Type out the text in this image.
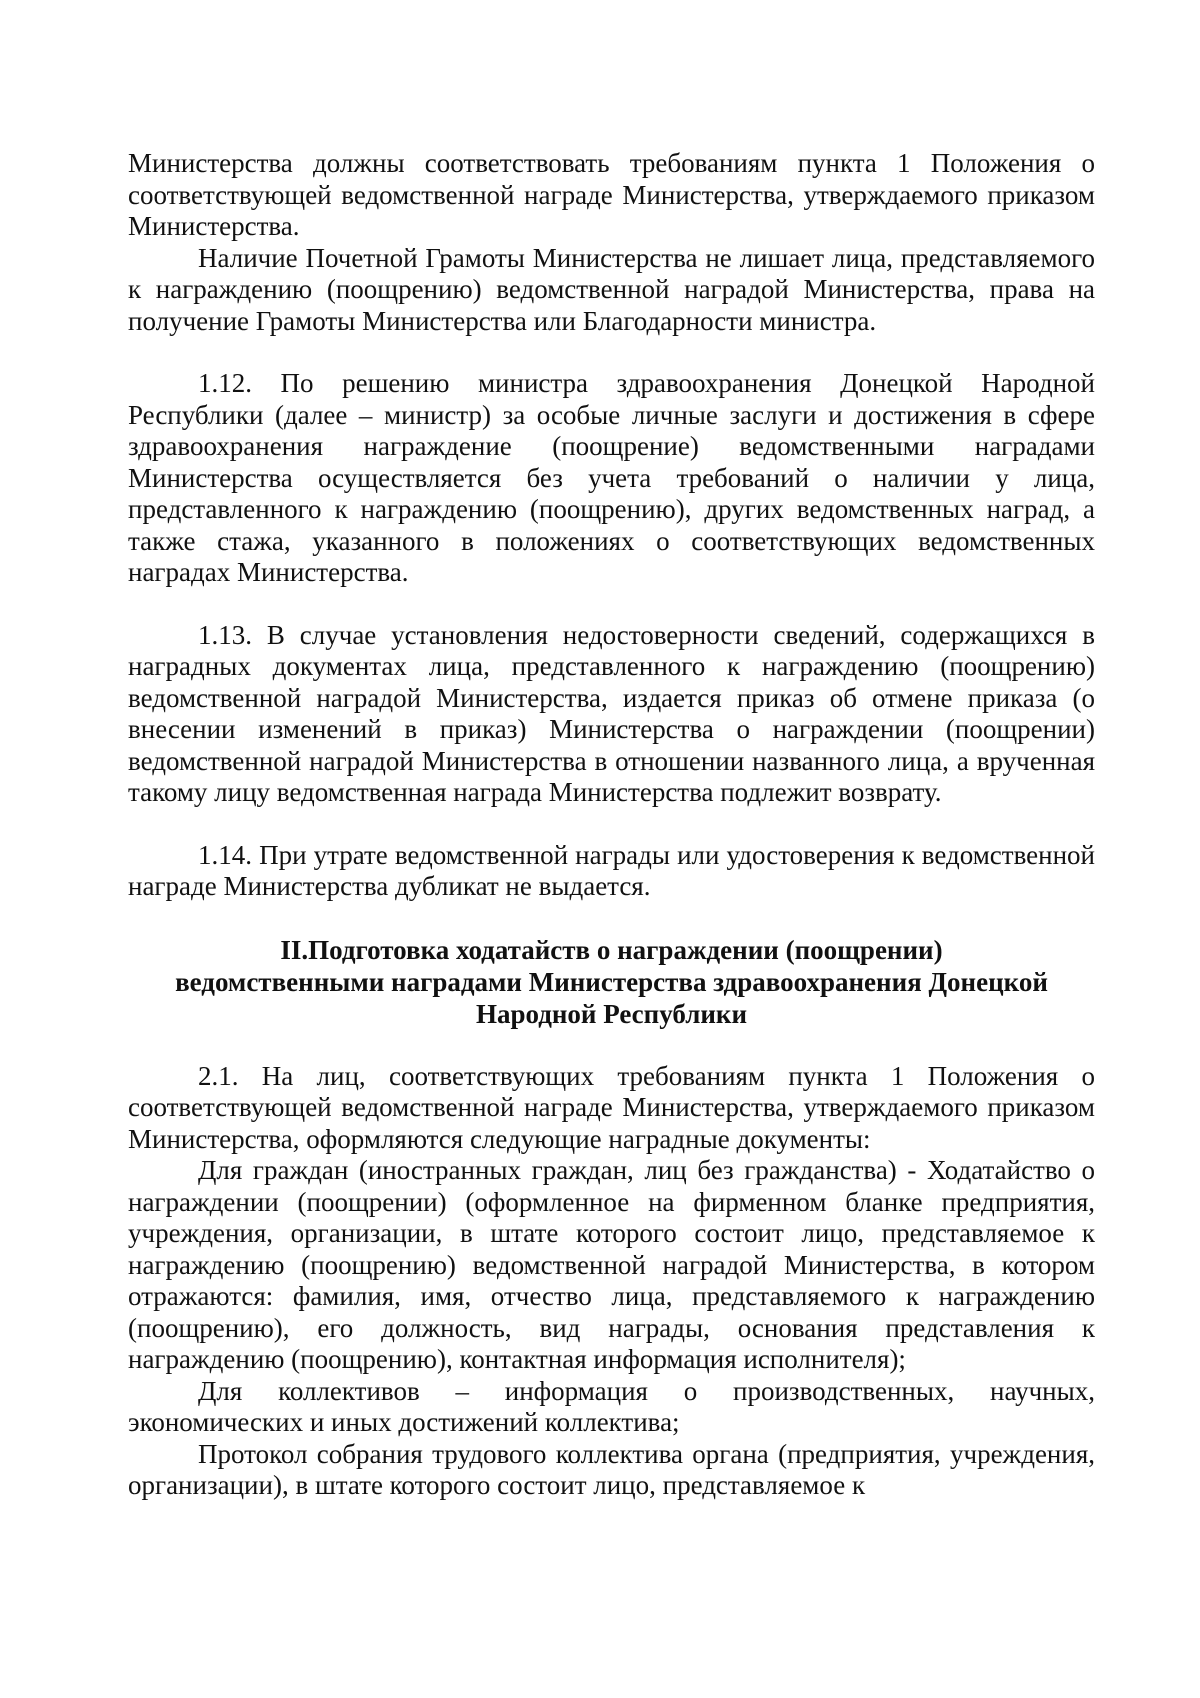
Министерства должны соответствовать требованиям пункта 1 Положения о соответствующей ведомственной награде Министерства, утверждаемого приказом Министерства.

Наличие Почетной Грамоты Министерства не лишает лица, представляемого к награждению (поощрению) ведомственной наградой Министерства, права на получение Грамоты Министерства или Благодарности министра.

1.12. По решению министра здравоохранения Донецкой Народной Республики (далее – министр) за особые личные заслуги и достижения в сфере здравоохранения награждение (поощрение) ведомственными наградами Министерства осуществляется без учета требований о наличии у лица, представленного к награждению (поощрению), других ведомственных наград, а также стажа, указанного в положениях о соответствующих ведомственных наградах Министерства.

1.13. В случае установления недостоверности сведений, содержащихся в наградных документах лица, представленного к награждению (поощрению) ведомственной наградой Министерства, издается приказ об отмене приказа (о внесении изменений в приказ) Министерства о награждении (поощрении) ведомственной наградой Министерства в отношении названного лица, а врученная такому лицу ведомственная награда Министерства подлежит возврату.

1.14. При утрате ведомственной награды или удостоверения к ведомственной награде Министерства дубликат не выдается.

II.Подготовка ходатайств о награждении (поощрении)

ведомственными наградами Министерства здравоохранения Донецкой

Народной Республики

2.1. На лиц, соответствующих требованиям пункта 1 Положения о соответствующей ведомственной награде Министерства, утверждаемого приказом Министерства, оформляются следующие наградные документы:

Для граждан (иностранных граждан, лиц без гражданства) - Ходатайство о награждении (поощрении) (оформленное на фирменном бланке предприятия, учреждения, организации, в штате которого состоит лицо, представляемое к награждению (поощрению) ведомственной наградой Министерства, в котором отражаются: фамилия, имя, отчество лица, представляемого к награждению (поощрению), его должность, вид награды, основания представления к награждению (поощрению), контактная информация исполнителя);

Для коллективов – информация о производственных, научных, экономических и иных достижений коллектива;

Протокол собрания трудового коллектива органа (предприятия, учреждения, организации), в штате которого состоит лицо, представляемое к
